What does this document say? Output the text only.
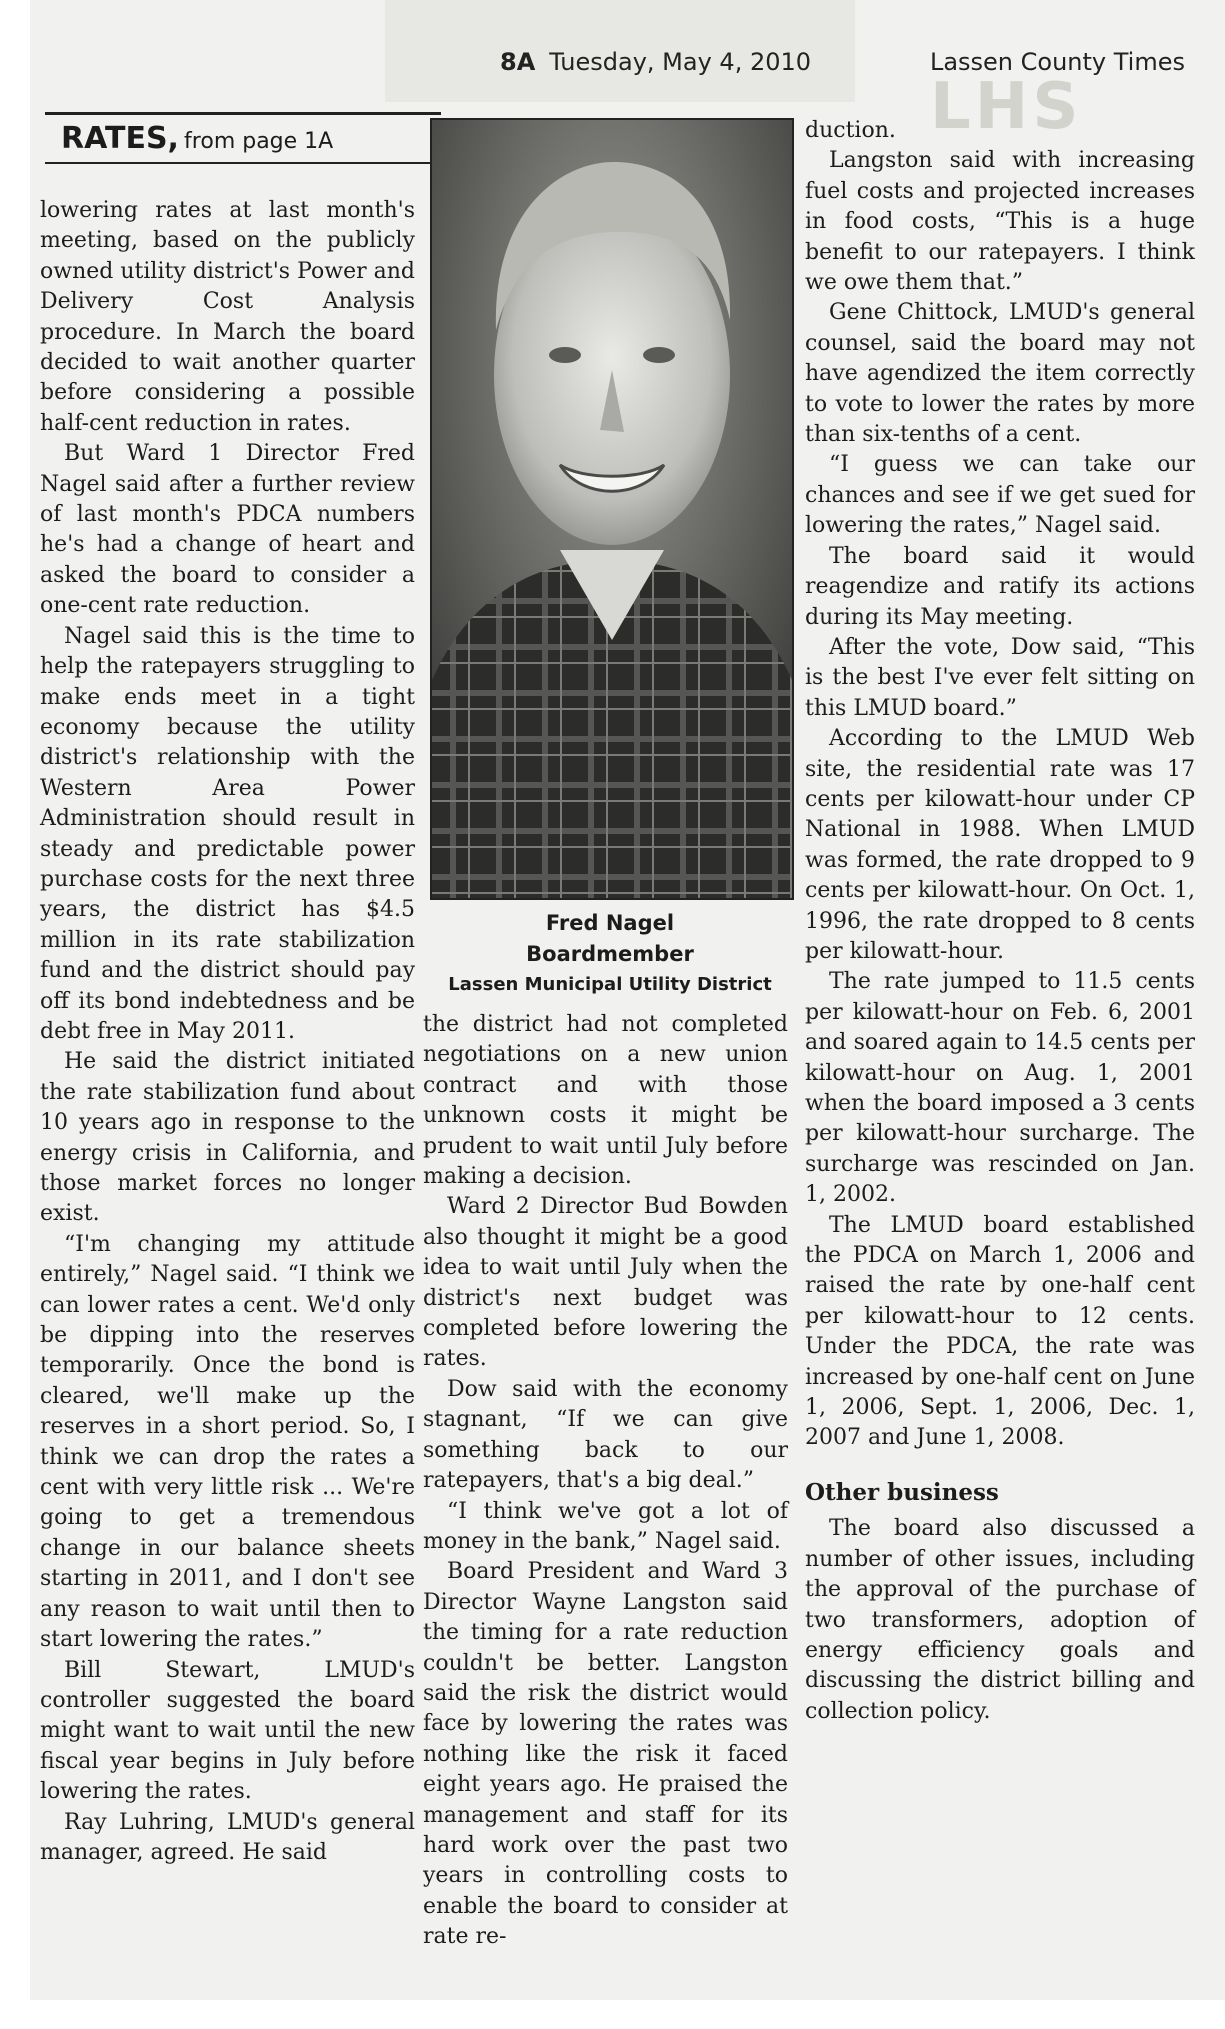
LHS
8A Tuesday, May 4, 2010	Lassen County Times
RATES, from page 1A

lowering rates at last month's meeting, based on the publicly owned utility district's Power and Delivery Cost Analysis procedure. In March the board decided to wait another quarter before considering a possible half-cent reduction in rates.

But Ward 1 Director Fred Nagel said after a further review of last month's PDCA numbers he's had a change of heart and asked the board to consider a one-cent rate reduction.

Nagel said this is the time to help the ratepayers struggling to make ends meet in a tight economy because the utility district's relationship with the Western Area Power Administration should result in steady and predictable power purchase costs for the next three years, the district has $4.5 million in its rate stabilization fund and the district should pay off its bond indebtedness and be debt free in May 2011.

He said the district initiated the rate stabilization fund about 10 years ago in response to the energy crisis in California, and those market forces no longer exist.

“I'm changing my attitude entirely,” Nagel said. “I think we can lower rates a cent. We'd only be dipping into the reserves temporarily. Once the bond is cleared, we'll make up the reserves in a short period. So, I think we can drop the rates a cent with very little risk ... We're going to get a tremendous change in our balance sheets starting in 2011, and I don't see any reason to wait until then to start lowering the rates.”

Bill Stewart, LMUD's controller suggested the board might want to wait until the new fiscal year begins in July before lowering the rates.

Ray Luhring, LMUD's general manager, agreed. He said

Fred Nagel
Boardmember
Lassen Municipal Utility District

the district had not completed negotiations on a new union contract and with those unknown costs it might be prudent to wait until July before making a decision.

Ward 2 Director Bud Bowden also thought it might be a good idea to wait until July when the district's next budget was completed before lowering the rates.

Dow said with the economy stagnant, “If we can give something back to our ratepayers, that's a big deal.”

“I think we've got a lot of money in the bank,” Nagel said.

Board President and Ward 3 Director Wayne Langston said the timing for a rate reduction couldn't be better. Langston said the risk the district would face by lowering the rates was nothing like the risk it faced eight years ago. He praised the management and staff for its hard work over the past two years in controlling costs to enable the board to consider at rate re-

duction.

Langston said with increasing fuel costs and projected increases in food costs, “This is a huge benefit to our ratepayers. I think we owe them that.”

Gene Chittock, LMUD's general counsel, said the board may not have agendized the item correctly to vote to lower the rates by more than six-tenths of a cent.

“I guess we can take our chances and see if we get sued for lowering the rates,” Nagel said.

The board said it would reagendize and ratify its actions during its May meeting.

After the vote, Dow said, “This is the best I've ever felt sitting on this LMUD board.”

According to the LMUD Web site, the residential rate was 17 cents per kilowatt-hour under CP National in 1988. When LMUD was formed, the rate dropped to 9 cents per kilowatt-hour. On Oct. 1, 1996, the rate dropped to 8 cents per kilowatt-hour.

The rate jumped to 11.5 cents per kilowatt-hour on Feb. 6, 2001 and soared again to 14.5 cents per kilowatt-hour on Aug. 1, 2001 when the board imposed a 3 cents per kilowatt-hour surcharge. The surcharge was rescinded on Jan. 1, 2002.

The LMUD board established the PDCA on March 1, 2006 and raised the rate by one-half cent per kilowatt-hour to 12 cents. Under the PDCA, the rate was increased by one-half cent on June 1, 2006, Sept. 1, 2006, Dec. 1, 2007 and June 1, 2008.

Other business

The board also discussed a number of other issues, including the approval of the purchase of two transformers, adoption of energy efficiency goals and discussing the district billing and collection policy.
